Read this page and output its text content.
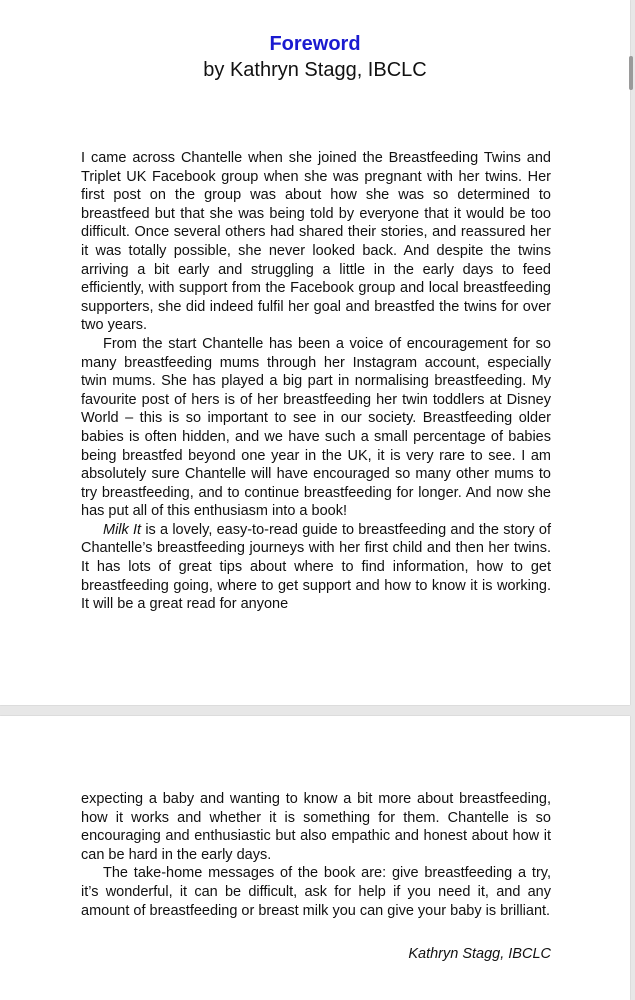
Foreword
by Kathryn Stagg, IBCLC

I came across Chantelle when she joined the Breastfeeding Twins and Triplet UK Facebook group when she was pregnant with her twins. Her first post on the group was about how she was so determined to breastfeed but that she was being told by everyone that it would be too difficult. Once several others had shared their stories, and reassured her it was totally possible, she never looked back. And despite the twins arriving a bit early and struggling a little in the early days to feed efficiently, with support from the Facebook group and local breastfeeding supporters, she did indeed fulfil her goal and breastfed the twins for over two years.

From the start Chantelle has been a voice of encouragement for so many breastfeeding mums through her Instagram account, especially twin mums. She has played a big part in normalising breastfeeding. My favourite post of hers is of her breastfeeding her twin toddlers at Disney World – this is so important to see in our society. Breastfeeding older babies is often hidden, and we have such a small percentage of babies being breastfed beyond one year in the UK, it is very rare to see. I am absolutely sure Chantelle will have encouraged so many other mums to try breastfeeding, and to continue breastfeeding for longer. And now she has put all of this enthusiasm into a book!

Milk It is a lovely, easy-to-read guide to breastfeeding and the story of Chantelle’s breastfeeding journeys with her first child and then her twins. It has lots of great tips about where to find information, how to get breastfeeding going, where to get support and how to know it is working. It will be a great read for anyone

expecting a baby and wanting to know a bit more about breastfeeding, how it works and whether it is something for them. Chantelle is so encouraging and enthusiastic but also empathic and honest about how it can be hard in the early days.

The take-home messages of the book are: give breastfeeding a try, it’s wonderful, it can be difficult, ask for help if you need it, and any amount of breastfeeding or breast milk you can give your baby is brilliant.

Kathryn Stagg, IBCLC
